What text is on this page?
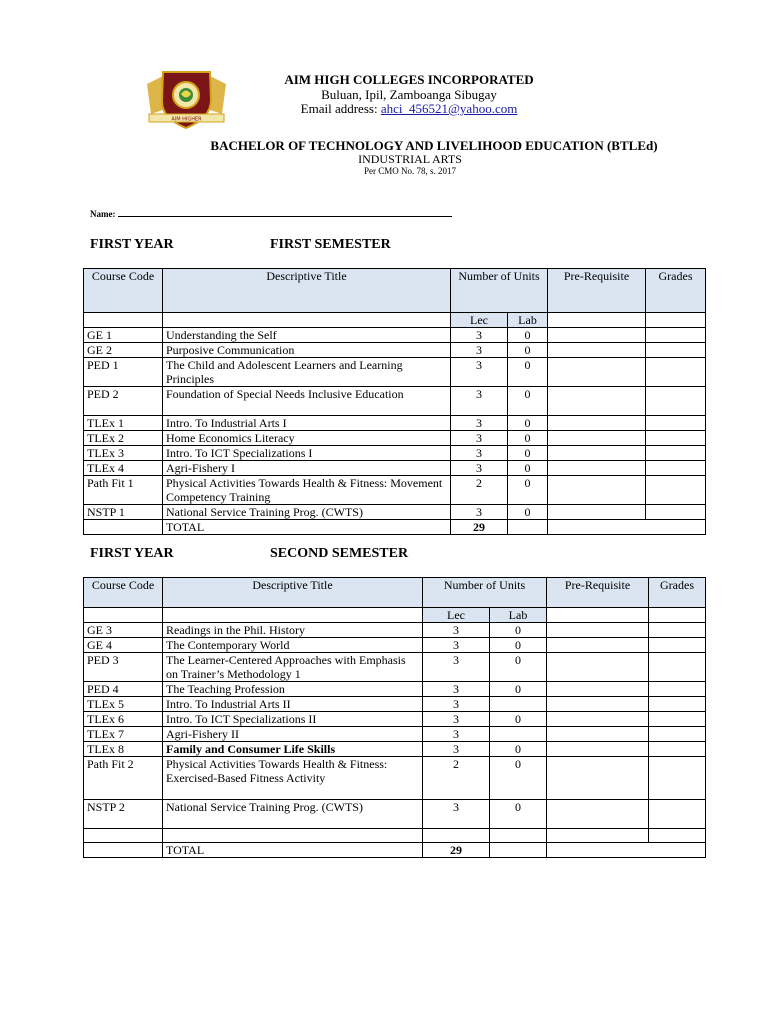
AIM HIGHER
AIM HIGH COLLEGES INCORPORATED
Buluan, Ipil, Zamboanga Sibugay
Email address: ahci_456521@yahoo.com
BACHELOR OF TECHNOLOGY AND LIVELIHOOD EDUCATION (BTLEd)
INDUSTRIAL ARTS
Per CMO No. 78, s. 2017
Name:
FIRST YEAR	FIRST SEMESTER
Course Code	Descriptive Title	Number of Units		Pre-Requisite	Grades
		Lec	Lab		
GE 1	Understanding the Self	3	0		
GE 2	Purposive Communication	3	0		
PED 1	The Child and Adolescent Learners and Learning Principles	3	0		
PED 2	Foundation of Special Needs Inclusive Education	3	0		
TLEx 1	Intro. To Industrial Arts I	3	0		
TLEx 2	Home Economics Literacy	3	0		
TLEx 3	Intro. To ICT Specializations I	3	0		
TLEx 4	Agri-Fishery I	3	0		
Path Fit 1	Physical Activities Towards Health & Fitness: Movement Competency Training	2	0		
NSTP 1	National Service Training Prog. (CWTS)	3	0		
	TOTAL	29			
FIRST YEAR	SECOND SEMESTER
Course Code	Descriptive Title	Number of Units		Pre-Requisite	Grades
		Lec	Lab		
GE 3	Readings in the Phil. History	3	0		
GE 4	The Contemporary World	3	0		
PED 3	The Learner-Centered Approaches with Emphasis on Trainer’s Methodology 1	3	0		
PED 4	The Teaching Profession	3	0		
TLEx 5	Intro. To Industrial Arts II	3			
TLEx 6	Intro. To ICT Specializations II	3	0		
TLEx 7	Agri-Fishery II	3			
TLEx 8	Family and Consumer Life Skills	3	0		
Path Fit 2	Physical Activities Towards Health & Fitness: Exercised-Based Fitness Activity	2	0		
NSTP 2	National Service Training Prog. (CWTS)	3	0		

	TOTAL	29			
